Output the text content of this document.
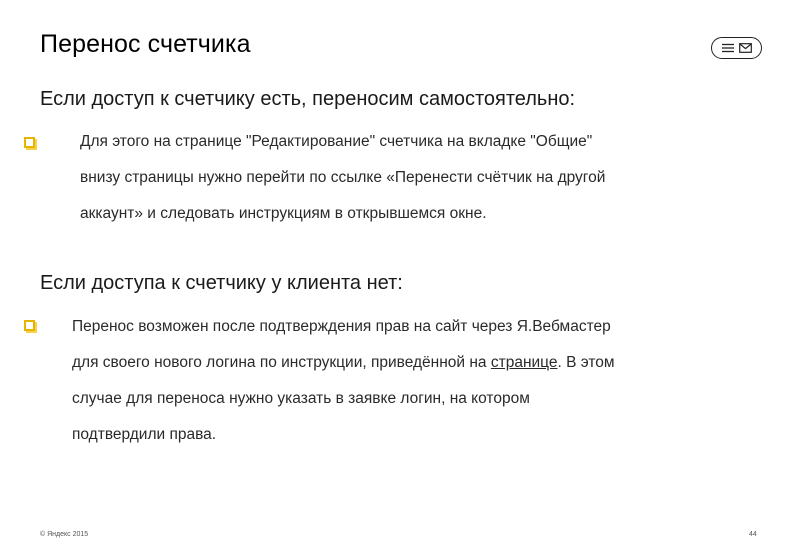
Перенос счетчика
Если доступ к счетчику есть, переносим самостоятельно:
Для этого на странице "Редактирование" счетчика на вкладке "Общие"
внизу страницы нужно перейти по ссылке «Перенести счётчик на другой
аккаунт» и следовать инструкциям в открывшемся окне.
Если доступа к счетчику у клиента нет:
Перенос возможен после подтверждения прав на сайт через Я.Вебмастер
для своего нового логина по инструкции, приведённой на странице. В этом
случае для переноса нужно указать в заявке логин, на котором
подтвердили права.
© Яндекс 2015	44
